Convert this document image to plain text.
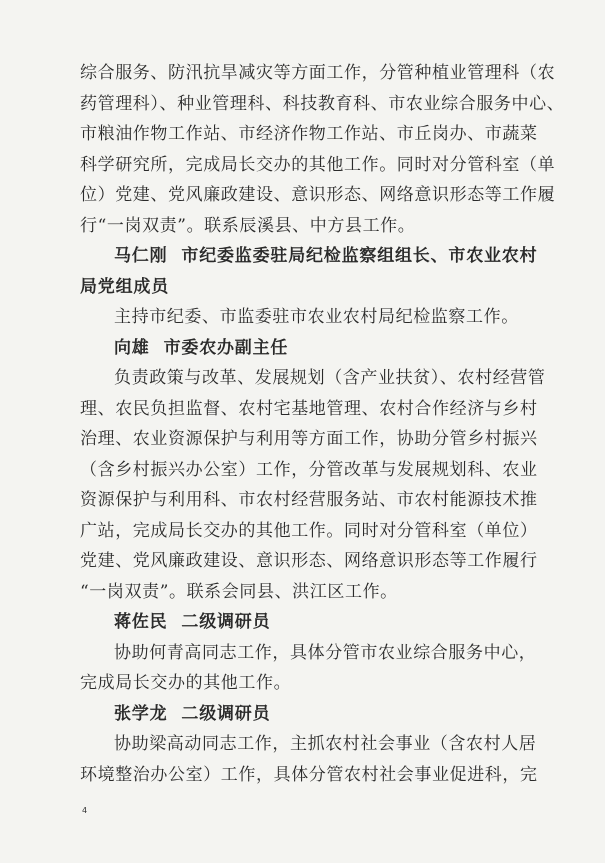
综合服务、防汛抗旱减灾等方面工作，分管种植业管理科（农
药管理科）、种业管理科、科技教育科、市农业综合服务中心、
市粮油作物工作站、市经济作物工作站、市丘岗办、市蔬菜
科学研究所，完成局长交办的其他工作。同时对分管科室（单
位）党建、党风廉政建设、意识形态、网络意识形态等工作履
行“一岗双责”。联系辰溪县、中方县工作。
马仁刚 市纪委监委驻局纪检监察组组长、市农业农村
局党组成员
主持市纪委、市监委驻市农业农村局纪检监察工作。
向雄 市委农办副主任
负责政策与改革、发展规划（含产业扶贫）、农村经营管
理、农民负担监督、农村宅基地管理、农村合作经济与乡村
治理、农业资源保护与利用等方面工作，协助分管乡村振兴
（含乡村振兴办公室）工作，分管改革与发展规划科、农业
资源保护与利用科、市农村经营服务站、市农村能源技术推
广站，完成局长交办的其他工作。同时对分管科室（单位）
党建、党风廉政建设、意识形态、网络意识形态等工作履行
“一岗双责”。联系会同县、洪江区工作。
蒋佐民 二级调研员
协助何青高同志工作，具体分管市农业综合服务中心，
完成局长交办的其他工作。
张学龙 二级调研员
协助梁高动同志工作，主抓农村社会事业（含农村人居
环境整治办公室）工作，具体分管农村社会事业促进科，完
4
